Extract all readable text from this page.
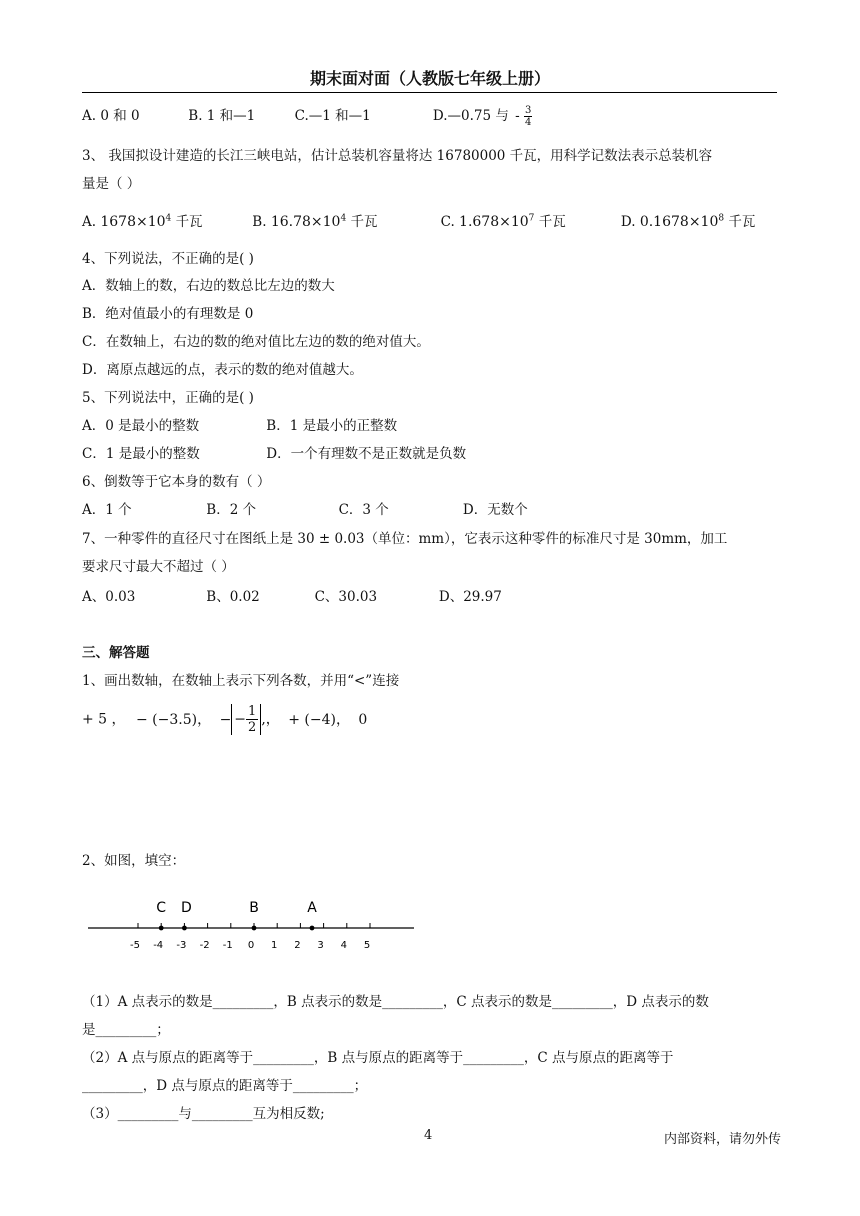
期末面对面（人教版七年级上册）
A. 0 和 0	B. 1 和—1	C.—1 和—1	D.—0.75 与 - $\frac{3}{4}$
3、 我国拟设计建造的长江三峡电站，估计总装机容量将达 16780000 千瓦，用科学记数法表示总装机容
量是（ ）
A. $1678\times 10^4$ 千瓦	B. $16.78\times 10^4$ 千瓦	C. $1.678\times 10^7$ 千瓦	D. $0.1678\times 10^8$ 千瓦
4、下列说法，不正确的是( )
A．数轴上的数，右边的数总比左边的数大
B．绝对值最小的有理数是 0
C．在数轴上，右边的数的绝对值比左边的数的绝对值大。
D．离原点越远的点，表示的数的绝对值越大。
5、下列说法中，正确的是( )
A．0 是最小的整数	B．1 是最小的正整数
C．1 是最小的整数	D．一个有理数不是正数就是负数
6、倒数等于它本身的数有（ ）
A．1 个	B．2 个	C．3 个	D．无数个
7、一种零件的直径尺寸在图纸上是 30 ± 0.03（单位：mm），它表示这种零件的标准尺寸是 30mm，加工
要求尺寸最大不超过（ ）
A、0.03	B、0.02	C、30.03	D、29.97
三、解答题
1、画出数轴，在数轴上表示下列各数，并用“<”连接
+ 5 ， − (−3.5)， − − $\frac{1}{2}$ ,， + (−4)， 0
2、如图，填空：
-5 -4 -3 -2 -1 0 1 2 3 4 5
C D	B	A
（1）A 点表示的数是_________，B 点表示的数是_________，C 点表示的数是_________，D 点表示的数
是_________；
（2）A 点与原点的距离等于_________，B 点与原点的距离等于_________，C 点与原点的距离等于
_________，D 点与原点的距离等于_________；
（3）_________与_________互为相反数;
4	内部资料，请勿外传
